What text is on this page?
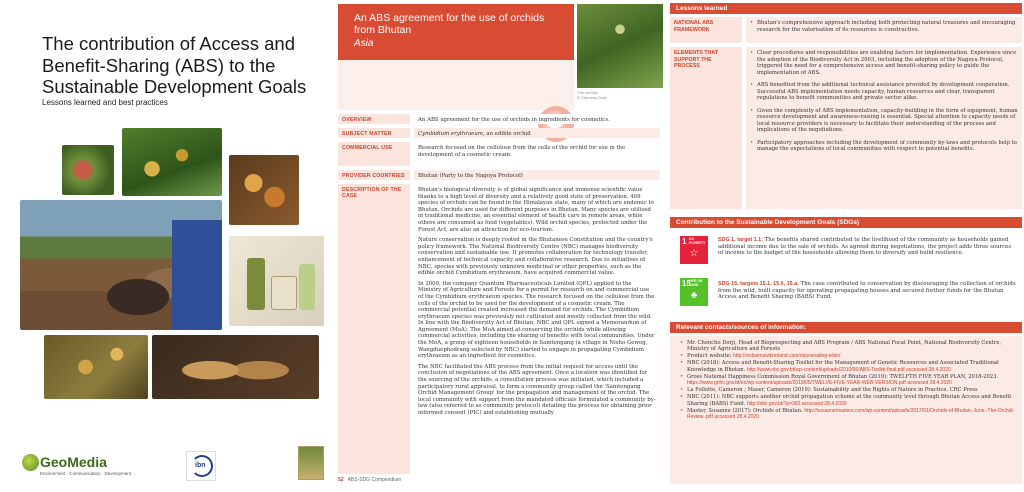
The contribution of Access and Benefit-Sharing (ABS) to the Sustainable Development Goals
Lessons learned and best practices
GeoMedia
Environment · Communication · Development
ibn
An ABS agreement for the use of orchids from Bhutan
Asia
The orchids
© Chencho Dorji
OVERVIEW	An ABS agreement for the use of orchids in ingredients for cosmetics.
SUBJECT MATTER	Cymbidium erythraeum, an edible orchid
COMMERCIAL USE	Research focused on the cellulose from the cells of the orchid for use in the development of a cosmetic cream.
PROVIDER COUNTRIES	Bhutan (Party to the Nagoya Protocol)
DESCRIPTION OF THE CASE

Bhutan's biological diversity is of global significance and immense scientific value thanks to a high level of diversity and a relatively good state of preservation. 469 species of orchids can be found in the Himalayan state, many of which are endemic to Bhutan. Orchids are used for different purposes in Bhutan. Many species are utilised in traditional medicine, an essential element of health care in remote areas, while others are consumed as food (vegetables). Wild orchid species, protected under the Forest Act, are also an attraction for eco-tourism.

Nature conservation is deeply rooted in the Bhutanese Constitution and the country's policy framework. The National Biodiversity Centre (NBC) manages biodiversity conservation and sustainable use. It promotes collaboration for technology transfer, enhancement of technical capacity and collaborative research. Due to initiatives of NBC, species with previously unknown medicinal or other properties, such as the edible orchid Cymbidium erythraeum, have acquired commercial value.

In 2009, the company Quantum Pharmaceuticals Limited (QPL) applied to the Ministry of Agriculture and Forests for a permit for research on and commercial use of the Cymbidium erythraeum species. The research focused on the cellulose from the cells of the orchid to be used for the development of a cosmetic cream. The commercial potential created increased the demand for orchids. The Cymbidium erythraeum species was previously not cultivated and mostly collected from the wild. In line with the Biodiversity Act of Bhutan, NBC and QPL signed a Memorandum of Agreement (MoA). The MoA aimed at conserving the orchids while allowing commercial activities, including the sharing of benefits with local communities. Under the MoA, a group of eighteen households in Samtengang (a village in Nisho Gewog, Wangduephodrang selected by NBC) started to engage in propagating Cymbidium erythraeum as an ingredient for cosmetics.

The NBC facilitated the ABS process from the initial request for access until the conclusion of negotiations of the ABS agreement. Once a location was identified for the sourcing of the orchids, a consultation process was initiated, which included a participatory rural appraisal, to form a community group called the 'Samtengang Orchid Management Group' for the propagation and management of the orchid. The local community with support from the mandated officials formulated a community by-law (also referred to as community protocol) detailing the process for obtaining prior informed consent (PIC) and establishing mutually

52 ABS-SDG Compendium
Lessons learned
NATIONAL ABS FRAMEWORK
• Bhutan's comprehensive approach including both protecting natural treasures and encouraging research for the valorisation of its resources is constructive.
ELEMENTS THAT SUPPORT THE PROCESS
• Clear procedures and responsibilities are enabling factors for implementation. Experience since the adoption of the Biodiversity Act in 2003, including the adoption of the Nagoya Protocol, triggered the need for a comprehensive access and benefit-sharing policy to guide the implementation of ABS.
• ABS benefited from the additional technical assistance provided by development cooperation. Successful ABS implementation needs capacity, human resources and clear, transparent regulations to benefit communities and private sector alike.
• Given the complexity of ABS implementation, capacity-building in the form of equipment, human resource development and awareness-raising is essential. Special attention to capacity needs of local resource providers is necessary to facilitate their understanding of the process and implications of the negotiations.
• Participatory approaches including the development of community by-laws and protocols help to manage the expectations of local communities with respect to potential benefits.
Contribution to the Sustainable Development Goals (SDGs)
1 NO POVERTY
☆
SDG 1, target 1.1: The benefits shared contributed to the livelihood of the community as households gained additional income due to the sale of orchids. As agreed during negotiations, the project adds three sources of income to the budget of the households allowing them to diversify and build resilience.
15
LIFE ON LAND
♣
SDG 15, targets 15.1, 15.6, 15.a: The case contributed to conservation by discouraging the collection of orchids from the wild, built capacity for operating propagating houses and secured further funds for the Bhutan Access and Benefit Sharing (BABS) Fund.
Relevant contacts/sources of information:
• Mr. Chencho Dorji, Head of Bioprospecting and ABS Program / ABS National Focal Point, National Biodiversity Centre, Ministry of Agriculture and Forests
• Product website: http://redoemswitzerland.com/rejuvenating-elixir/
• NBC (2018): Access and Benefit-Sharing Toolkit for the Management of Genetic Resources and Associated Traditional Knowledge in Bhutan. http://www.nbc.gov.bt/wp-content/uploads/2010/06/ABS-Toolkit-final.pdf accessed 28.4.2020
• Gross National Happiness Commission Royal Government of Bhutan (2019): TWELFTH FIVE YEAR PLAN, 2018-2023. https://www.gnhc.gov.bt/en/wp-content/uploads/2019/05/TWELVE-FIVE-YEAR-WEB-VERSION.pdf accessed 28.4.2020
• La Follette, Cameron ; Maser, Cameron (2019): Sustainability and the Rights of Nature in Practice. CRC Press
• NBC (2011): NBC supports another orchid propagation scheme at the community level through Bhutan Access and Benefit Sharing (BABS) Fund. http://nbc.gov.bt/?p=382 accessed 28.4.2020
• Master, Susanne (2017): Orchids of Bhutan. http://susannemasters.com/wp-content/uploads/2017/01/Orchids-of-Bhutan.-June.-The-Orchid-Review..pdf accessed 28.4.2020
